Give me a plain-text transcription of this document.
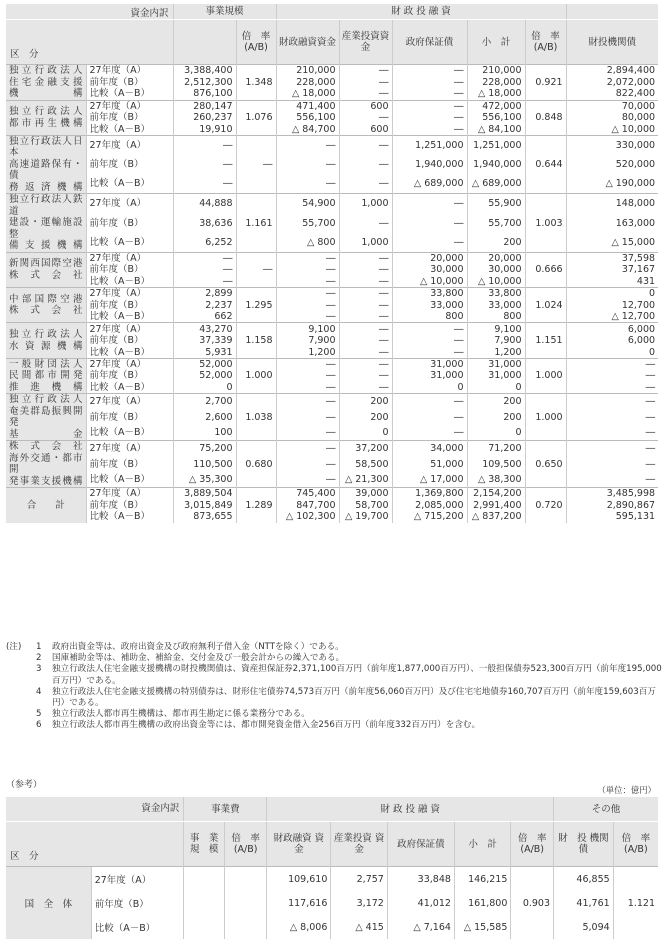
資金内訳		事業規模		財 政 投 融 資					
区　分			倍　率
(A/B)	財政融資資金	産業投資資金	政府保証債	小　計	倍　率
(A/B)	財投機関債

独立行政法人
住宅金融支援
機　　　　構	27年度（A）	3,388,400		210,000	―	―	210,000		2,894,400
	前年度（B）	2,512,300	1.348	228,000	―	―	228,000	0.921	2,072,000
	比較（A－B）	876,100		△ 18,000	―	―	△ 18,000		822,400

独立行政法人
都市再生機構	27年度（A）	280,147		471,400	600	―	472,000		70,000
	前年度（B）	260,237	1.076	556,100	―	―	556,100	0.848	80,000
	比較（A－B）	19,910		△ 84,700	600	―	△ 84,100		△ 10,000

独立行政法人日本
高速道路保有・債
務返済機構	27年度（A）	―		―	―	1,251,000	1,251,000		330,000
	前年度（B）	―	―	―	―	1,940,000	1,940,000	0.644	520,000
	比較（A－B）	―		―	―	△ 689,000	△ 689,000		△ 190,000

独立行政法人鉄道
建設・運輸施設整
備支援機構	27年度（A）	44,888		54,900	1,000	―	55,900		148,000
	前年度（B）	38,636	1.161	55,700	―	―	55,700	1.003	163,000
	比較（A－B）	6,252		△ 800	1,000	―	200		△ 15,000

新関西国際空港
株　式　会　社	27年度（A）	―		―	―	20,000	20,000		37,598
	前年度（B）	―	―	―	―	30,000	30,000	0.666	37,167
	比較（A－B）	―		―	―	△ 10,000	△ 10,000		431

中部国際空港
株　式　会　社	27年度（A）	2,899		―	―	33,800	33,800		0
	前年度（B）	2,237	1.295	―	―	33,000	33,000	1.024	12,700
	比較（A－B）	662		―	―	800	800		△ 12,700

独立行政法人
水資源機構	27年度（A）	43,270		9,100	―	―	9,100		6,000
	前年度（B）	37,339	1.158	7,900	―	―	7,900	1.151	6,000
	比較（A－B）	5,931		1,200	―	―	1,200		0

一般財団法人
民間都市開発
推進機構	27年度（A）	52,000		―	―	31,000	31,000		―
	前年度（B）	52,000	1.000	―	―	31,000	31,000	1.000	―
	比較（A－B）	0		―	―	0	0		―

独立行政法人
奄美群島振興開発
基　　　　金	27年度（A）	2,700		―	200	―	200		―
	前年度（B）	2,600	1.038	―	200	―	200	1.000	―
	比較（A－B）	100		―	0	―	0		―

株　式　会　社
海外交通・都市開
発事業支援機構	27年度（A）	75,200		―	37,200	34,000	71,200		―
	前年度（B）	110,500	0.680	―	58,500	51,000	109,500	0.650	―
	比較（A－B）	△ 35,300		―	△ 21,300	△ 17,000	△ 38,300		―
合　　計	27年度（A）	3,889,504		745,400	39,000	1,369,800	2,154,200		3,485,998
	前年度（B）	3,015,849	1.289	847,700	58,700	2,085,000	2,991,400	0.720	2,890,867
	比較（A－B）	873,655		△ 102,300	△ 19,700	△ 715,200	△ 837,200		595,131
(注)	1	政府出資金等は、政府出資金及び政府無利子借入金（NTTを除く）である。
2	国庫補助金等は、補助金、補給金、交付金及び一般会計からの繰入である。
3	独立行政法人住宅金融支援機構の財投機関債は、資産担保証券2,371,100百万円（前年度1,877,000百万円）、一般担保債券523,300百万円（前年度195,000百万円）である。
4	独立行政法人住宅金融支援機構の特別債券は、財形住宅債券74,573百万円（前年度56,060百万円）及び住宅宅地債券160,707百万円（前年度159,603百万円）である。
5	独立行政法人都市再生機構は、都市再生勘定に係る業務分である。
6	独立行政法人都市再生機構の政府出資金等には、都市開発資金借入金256百万円（前年度332百万円）を含む。
（参考）	（単位：億円）
資金内訳		事業費		財 政 投 融 資					その他	
区　分		事　業 規　模	倍　率 (A/B)	財政融資 資　金	産業投資 資　金	政府保証債	小　計	倍　率 (A/B)	財　投 機関債	倍　率 (A/B)
国　全　体	27年度（A）			109,610	2,757	33,848	146,215		46,855	
	前年度（B）			117,616	3,172	41,012	161,800	0.903	41,761	1.121
	比較（A－B）			△ 8,006	△ 415	△ 7,164	△ 15,585		5,094	
